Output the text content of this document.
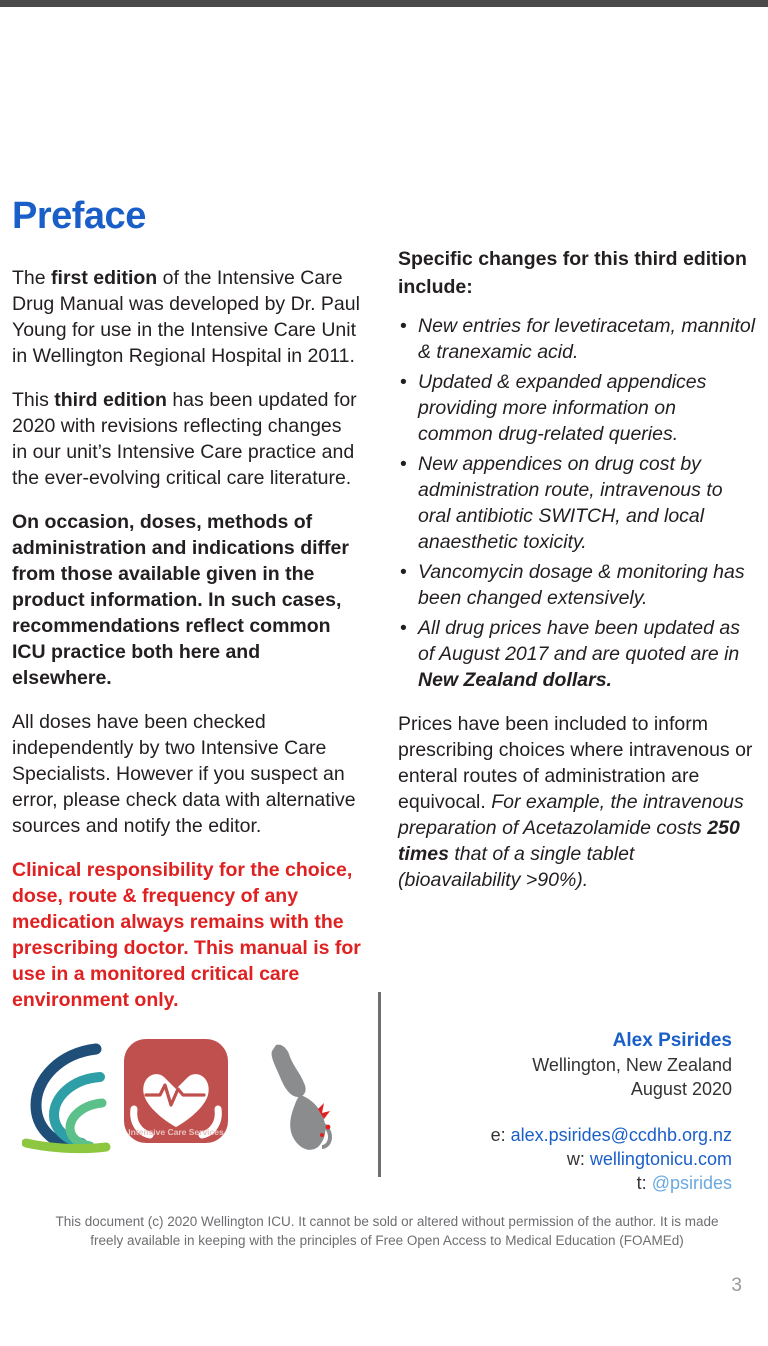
Preface

The first edition of the Intensive Care Drug Manual was developed by Dr. Paul Young for use in the Intensive Care Unit in Wellington Regional Hospital in 2011.

This third edition has been updated for 2020 with revisions reflecting changes in our unit’s Intensive Care practice and the ever-evolving critical care literature.

On occasion, doses, methods of administration and indications differ from those available given in the product information. In such cases, recommendations reflect common ICU practice both here and elsewhere.

All doses have been checked independently by two Intensive Care Specialists. However if you suspect an error, please check data with alternative sources and notify the editor.

Clinical responsibility for the choice, dose, route & frequency of any medication always remains with the prescribing doctor. This manual is for use in a monitored critical care environment only.

Specific changes for this third edition include:

• New entries for levetiracetam, mannitol & tranexamic acid.
• Updated & expanded appendices providing more information on common drug-related queries.
• New appendices on drug cost by administration route, intravenous to oral antibiotic SWITCH, and local anaesthetic toxicity.
• Vancomycin dosage & monitoring has been changed extensively.
• All drug prices have been updated as of August 2017 and are quoted are in New Zealand dollars.

Prices have been included to inform prescribing choices where intravenous or enteral routes of administration are equivocal. For example, the intravenous preparation of Acetazolamide costs 250 times that of a single tablet (bioavailability >90%).

Intensive Care Services
Alex Psirides
Wellington, New Zealand
August 2020
e: alex.psirides@ccdhb.org.nz
w: wellingtonicu.com
t: @psirides
This document (c) 2020 Wellington ICU. It cannot be sold or altered without permission of the author. It is made freely available in keeping with the principles of Free Open Access to Medical Education (FOAMEd)
3
